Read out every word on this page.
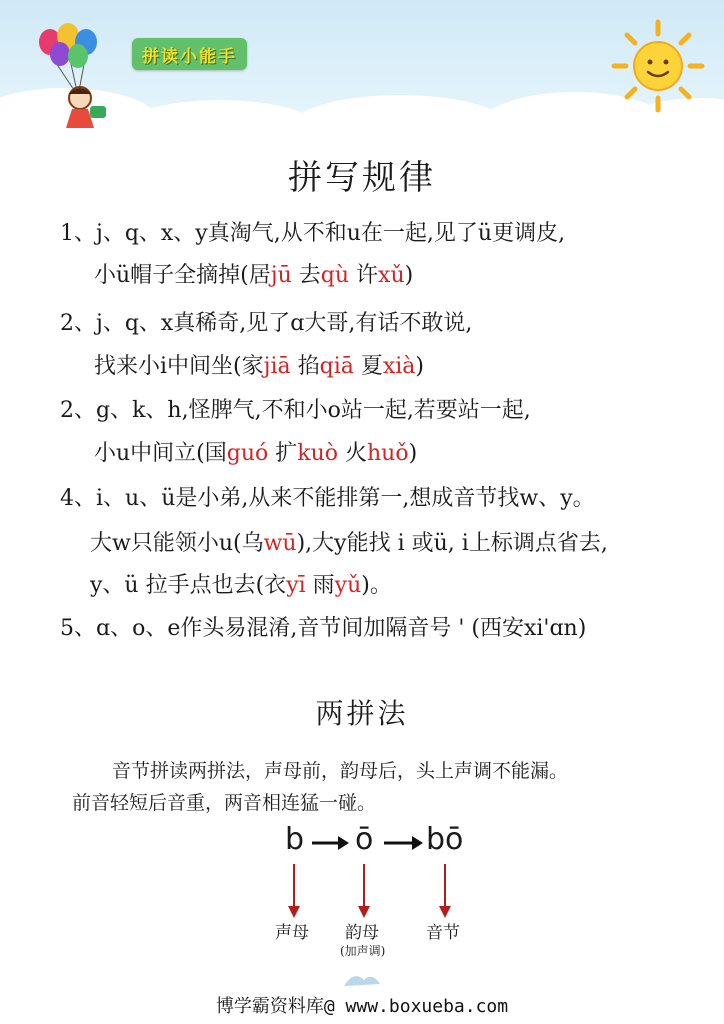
拼读小能手
拼写规律
1、j、q、x、y真淘气,从不和u在一起,见了ü更调皮,
小ü帽子全摘掉(居jū 去qù 许xǔ)
2、j、q、x真稀奇,见了ɑ大哥,有话不敢说,
找来小i中间坐(家jiā 掐qiā 夏xià)
2、g、k、h,怪脾气,不和小o站一起,若要站一起,
小u中间立(国guó 扩kuò 火huǒ)
4、i、u、ü是小弟,从来不能排第一,想成音节找w、y。
大w只能领小u(乌wū),大y能找 i 或ü, i上标调点省去,
y、ü 拉手点也去(衣yī 雨yǔ)。
5、ɑ、o、e作头易混淆,音节间加隔音号 ' (西安xi'ɑn)
两拼法
音节拼读两拼法，声母前，韵母后，头上声调不能漏。
前音轻短后音重，两音相连猛一碰。
b ō bō
声母 韵母
(加声调)
音节
博学霸资料库@ www.boxueba.com
